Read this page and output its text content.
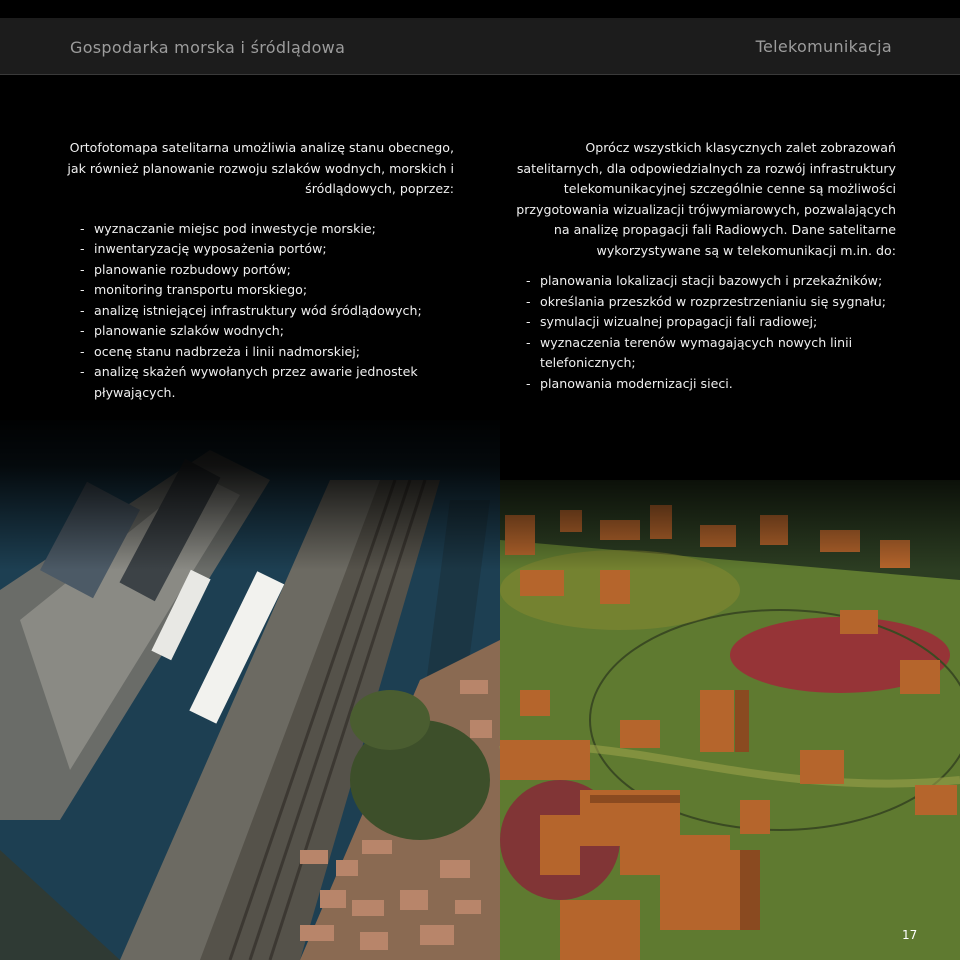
Gospodarka morska i śródlądowa	Telekomunikacja

Ortofotomapa satelitarna umożliwia analizę stanu obecnego, jak również planowanie rozwoju szlaków wodnych, morskich i śródlądowych, poprzez:

- wyznaczanie miejsc pod inwestycje morskie;
- inwentaryzację wyposażenia portów;
- planowanie rozbudowy portów;
- monitoring transportu morskiego;
- analizę istniejącej infrastruktury wód śródlądowych;
- planowanie szlaków wodnych;
- ocenę stanu nadbrzeża i linii nadmorskiej;
- analizę skażeń wywołanych przez awarie jednostek pływających.

Oprócz wszystkich klasycznych zalet zobrazowań satelitarnych, dla odpowiedzialnych za rozwój infrastruktury telekomunikacyjnej szczególnie cenne są możliwości przygotowania wizualizacji trójwymiarowych, pozwalających na analizę propagacji fali Radiowych. Dane satelitarne wykorzystywane są w telekomunikacji m.in. do:

- planowania lokalizacji stacji bazowych i przekaźników;
- określania przeszkód w rozprzestrzenianiu się sygnału;
- symulacji wizualnej propagacji fali radiowej;
- wyznaczenia terenów wymagających nowych linii telefonicznych;
- planowania modernizacji sieci.
17
